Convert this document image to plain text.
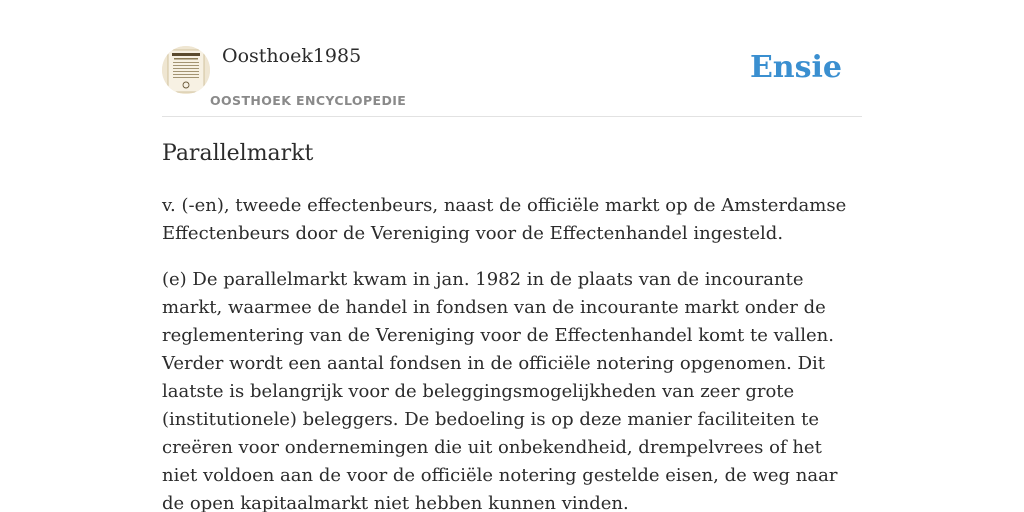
Oosthoek1985
OOSTHOEK ENCYCLOPEDIE
Ensie
Parallelmarkt

v. (-en), tweede effectenbeurs, naast de officiële markt op de Amsterdamse Effectenbeurs door de Vereniging voor de Effectenhandel ingesteld.

(e) De parallelmarkt kwam in jan. 1982 in de plaats van de incourante markt, waarmee de handel in fondsen van de incourante markt onder de reglementering van de Vereniging voor de Effectenhandel komt te vallen. Verder wordt een aantal fondsen in de officiële notering opgenomen. Dit laatste is belangrijk voor de beleggingsmogelijkheden van zeer grote (institutionele) beleggers. De bedoeling is op deze manier faciliteiten te creëren voor ondernemingen die uit onbekendheid, drempelvrees of het niet voldoen aan de voor de officiële notering gestelde eisen, de weg naar de open kapitaalmarkt niet hebben kunnen vinden.
